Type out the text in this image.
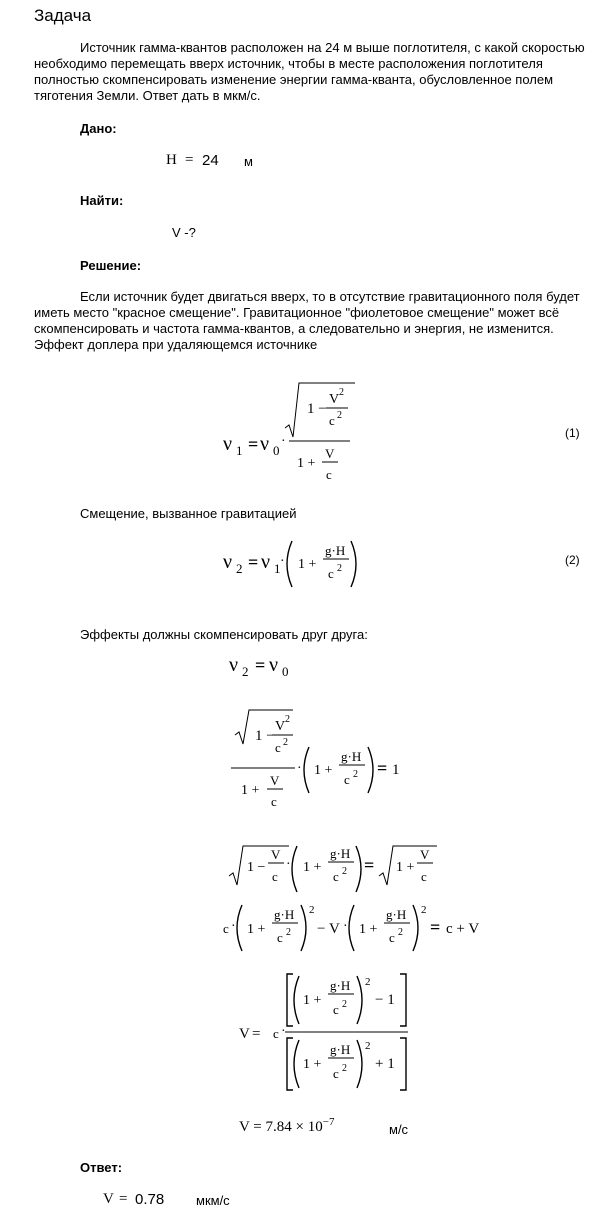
Задача
Источник гамма-квантов расположен на 24 м выше поглотителя, с какой скоростью необходимо перемещать вверх источник, чтобы в месте расположения поглотителя полностью скомпенсировать изменение энергии гамма-кванта, обусловленное полем тяготения Земли. Ответ дать в мкм/с.
Дано:
H = 24 м
Найти:
V -?
Решение:
Если источник будет двигаться вверх, то в отсутствие гравитационного поля будет иметь место "красное смещение". Гравитационное "фиолетовое смещение" может всё скомпенсировать и частота гамма-квантов, а следовательно и энергия, не изменится. Эффект доплера при удаляющемся источнике
ν 1 = ν 0
·
1 −
V 2
c 2
1 +
V
c
(1)
Смещение, вызванное гравитацией
ν 2 = ν 1 · 1 +
g·H
c 2
(2)
Эффекты должны скомпенсировать друг друга:
ν 2 = ν 0
1 −
V 2
c 2
1 +
V
c
· 1 +
g·H
c 2 = 1
1 −
V
c
· 1 +
g·H
c 2 = 1 +
V
c
c · 1 +
g·H
c 2
2
− V · 1 +
g·H
c 2
2
= c + V
V = c ·
1 +
g·H
c 2
2
− 1
1 +
g·H
c 2
2
+ 1
$V = 7.84 \times 10^{-7}$	м/с
Ответ:
V = 0.78 мкм/с
